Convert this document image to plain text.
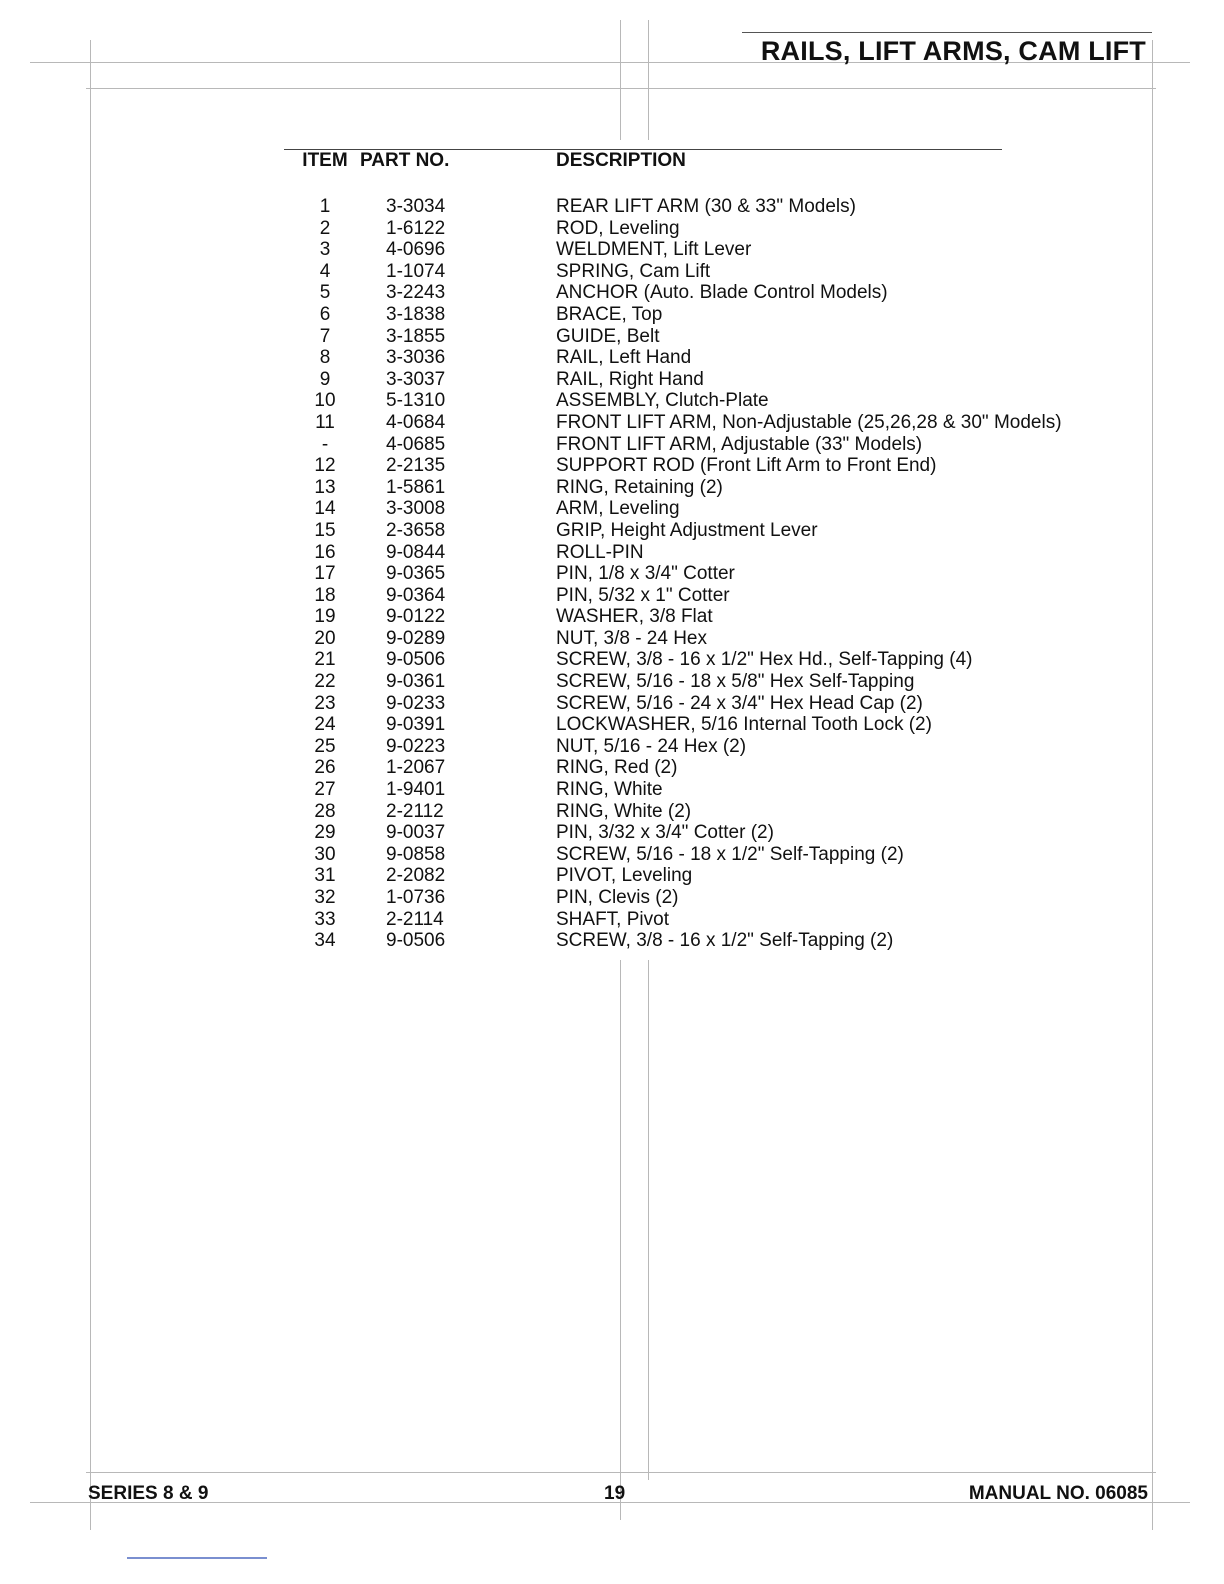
RAILS, LIFT ARMS, CAM LIFT
ITEM	PART NO.	DESCRIPTION
1	3-3034	REAR LIFT ARM (30 & 33" Models)
2	1-6122	ROD, Leveling
3	4-0696	WELDMENT, Lift Lever
4	1-1074	SPRING, Cam Lift
5	3-2243	ANCHOR (Auto. Blade Control Models)
6	3-1838	BRACE, Top
7	3-1855	GUIDE, Belt
8	3-3036	RAIL, Left Hand
9	3-3037	RAIL, Right Hand
10	5-1310	ASSEMBLY, Clutch-Plate
11	4-0684	FRONT LIFT ARM, Non-Adjustable (25,26,28 & 30" Models)
-	4-0685	FRONT LIFT ARM, Adjustable (33" Models)
12	2-2135	SUPPORT ROD (Front Lift Arm to Front End)
13	1-5861	RING, Retaining (2)
14	3-3008	ARM, Leveling
15	2-3658	GRIP, Height Adjustment Lever
16	9-0844	ROLL-PIN
17	9-0365	PIN, 1/8 x 3/4" Cotter
18	9-0364	PIN, 5/32 x 1" Cotter
19	9-0122	WASHER, 3/8 Flat
20	9-0289	NUT, 3/8 - 24 Hex
21	9-0506	SCREW, 3/8 - 16 x 1/2" Hex Hd., Self-Tapping (4)
22	9-0361	SCREW, 5/16 - 18 x 5/8" Hex Self-Tapping
23	9-0233	SCREW, 5/16 - 24 x 3/4" Hex Head Cap (2)
24	9-0391	LOCKWASHER, 5/16 Internal Tooth Lock (2)
25	9-0223	NUT, 5/16 - 24 Hex (2)
26	1-2067	RING, Red (2)
27	1-9401	RING, White
28	2-2112	RING, White (2)
29	9-0037	PIN, 3/32 x 3/4" Cotter (2)
30	9-0858	SCREW, 5/16 - 18 x 1/2" Self-Tapping (2)
31	2-2082	PIVOT, Leveling
32	1-0736	PIN, Clevis (2)
33	2-2114	SHAFT, Pivot
34	9-0506	SCREW, 3/8 - 16 x 1/2" Self-Tapping (2)
SERIES 8 & 9	19	MANUAL NO. 06085
